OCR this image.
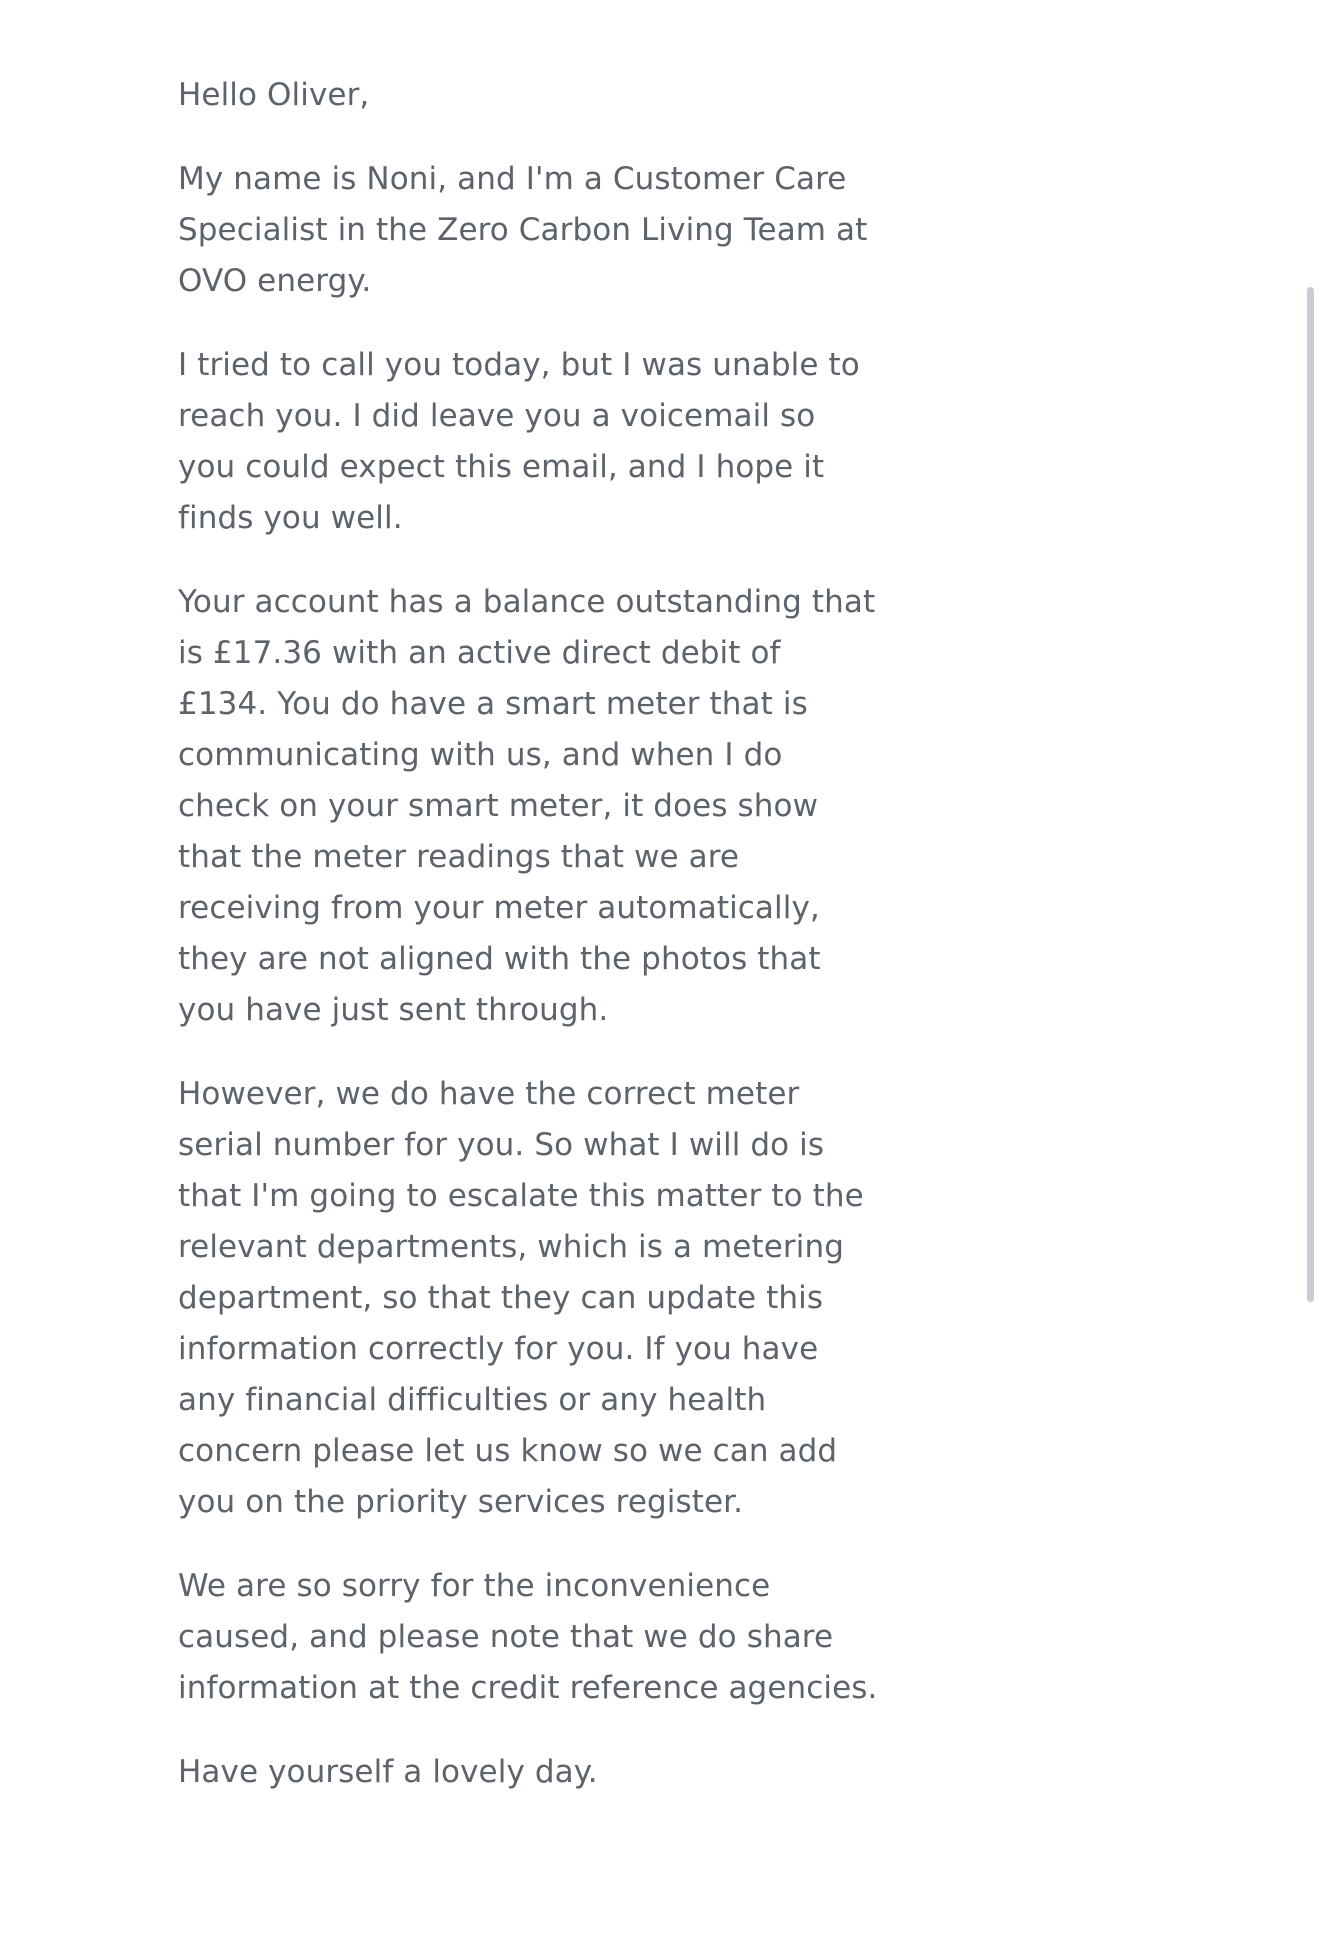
Hello Oliver,

My name is Noni, and I'm a Customer Care Specialist in the Zero Carbon Living Team at OVO energy.

I tried to call you today, but I was unable to reach you. I did leave you a voicemail so you could expect this email, and I hope it finds you well.

Your account has a balance outstanding that is £17.36 with an active direct debit of £134. You do have a smart meter that is communicating with us, and when I do check on your smart meter, it does show that the meter readings that we are receiving from your meter automatically, they are not aligned with the photos that you have just sent through.

However, we do have the correct meter serial number for you. So what I will do is that I'm going to escalate this matter to the relevant departments, which is a metering department, so that they can update this information correctly for you. If you have any financial difficulties or any health concern please let us know so we can add you on the priority services register.

We are so sorry for the inconvenience caused, and please note that we do share information at the credit reference agencies.

Have yourself a lovely day.
